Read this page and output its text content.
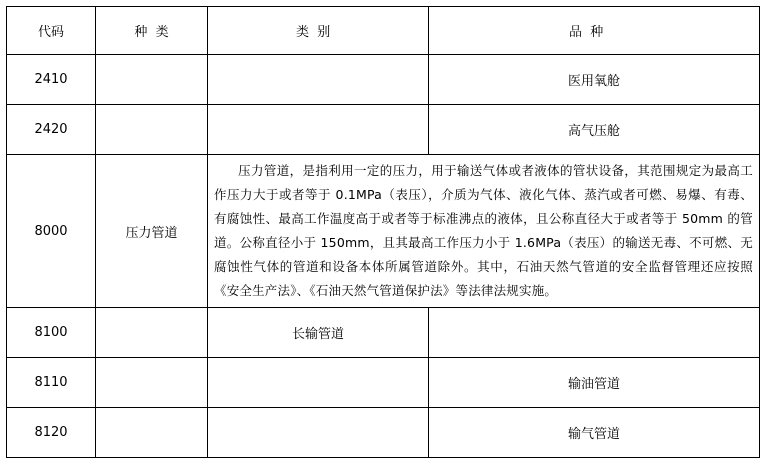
代码	种  类	类  别	品  种
2410			医用氧舱
2420			高气压舱
8000	压力管道	压力管道，是指利用一定的压力，用于输送气体或者液体的管状设备，其范围规定为最高工作压力大于或者等于 0.1MPa（表压），介质为气体、液化气体、蒸汽或者可燃、易爆、有毒、有腐蚀性、最高工作温度高于或者等于标准沸点的液体，且公称直径大于或者等于 50mm 的管道。公称直径小于 150mm，且其最高工作压力小于 1.6MPa（表压）的输送无毒、不可燃、无腐蚀性气体的管道和设备本体所属管道除外。其中，石油天然气管道的安全监督管理还应按照《安全生产法》、《石油天然气管道保护法》等法律法规实施。	
8100		长输管道	
8110			输油管道
8120			输气管道
